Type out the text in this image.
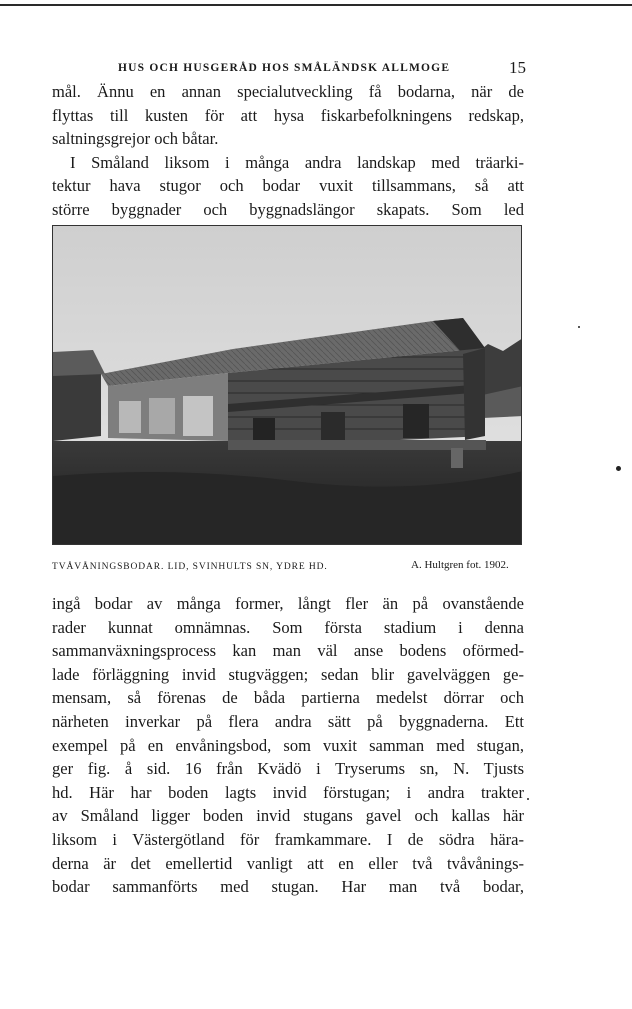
HUS OCH HUSGERÅD HOS SMÅLÄNDSK ALLMOGE	15
mål. Ännu en annan specialutveckling få bodarna, när de
flyttas till kusten för att hysa fiskarbefolkningens redskap,
saltningsgrejor och båtar.
I Småland liksom i många andra landskap med träarki-
tektur hava stugor och bodar vuxit tillsammans, så att
större byggnader och byggnadslängor skapats. Som led
TVÅVÅNINGSBODAR. LID, SVINHULTS SN, YDRE HD.	A. Hultgren fot. 1902.
ingå bodar av många former, långt fler än på ovanstående
rader kunnat omnämnas. Som första stadium i denna
sammanväxningsprocess kan man väl anse bodens oförmed-
lade förläggning invid stugväggen; sedan blir gavelväggen ge-
mensam, så förenas de båda partierna medelst dörrar och
närheten inverkar på flera andra sätt på byggnaderna. Ett
exempel på en envåningsbod, som vuxit samman med stugan,
ger fig. å sid. 16 från Kvädö i Tryserums sn, N. Tjusts
hd. Här har boden lagts invid förstugan; i andra trakter
av Småland ligger boden invid stugans gavel och kallas här
liksom i Västergötland för framkammare. I de södra härа-
derna är det emellertid vanligt att en eller två tvåvånings-
bodar sammanförts med stugan. Har man två bodar,
